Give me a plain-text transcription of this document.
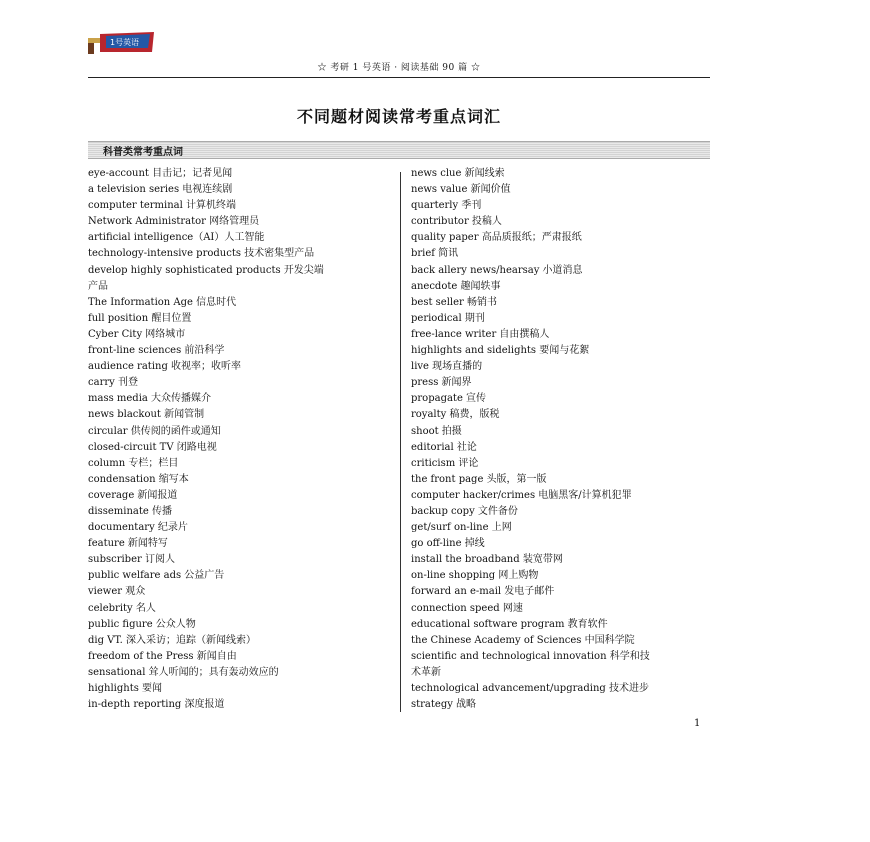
1号英语
☆ 考研 1 号英语 · 阅读基础 90 篇 ☆
不同题材阅读常考重点词汇
科普类常考重点词
eye-account 目击记；记者见闻
a television series 电视连续剧
computer terminal 计算机终端
Network Administrator 网络管理员
artificial intelligence（AI）人工智能
technology-intensive products 技术密集型产品
develop highly sophisticated products 开发尖端
产品
The Information Age 信息时代
full position 醒目位置
Cyber City 网络城市
front-line sciences 前沿科学
audience rating 收视率；收听率
carry 刊登
mass media 大众传播媒介
news blackout 新闻管制
circular 供传阅的函件或通知
closed-circuit TV 闭路电视
column 专栏；栏目
condensation 缩写本
coverage 新闻报道
disseminate 传播
documentary 纪录片
feature 新闻特写
subscriber 订阅人
public welfare ads 公益广告
viewer 观众
celebrity 名人
public figure 公众人物
dig VT. 深入采访；追踪（新闻线索）
freedom of the Press 新闻自由
sensational 耸人听闻的；具有轰动效应的
highlights 要闻
in-depth reporting 深度报道
news clue 新闻线索
news value 新闻价值
quarterly 季刊
contributor 投稿人
quality paper 高品质报纸；严肃报纸
brief 简讯
back allery news/hearsay 小道消息
anecdote 趣闻轶事
best seller 畅销书
periodical 期刊
free-lance writer 自由撰稿人
highlights and sidelights 要闻与花絮
live 现场直播的
press 新闻界
propagate 宣传
royalty 稿费，版税
shoot 拍摄
editorial 社论
criticism 评论
the front page 头版，第一版
computer hacker/crimes 电脑黑客/计算机犯罪
backup copy 文件备份
get/surf on-line 上网
go off-line 掉线
install the broadband 装宽带网
on-line shopping 网上购物
forward an e-mail 发电子邮件
connection speed 网速
educational software program 教育软件
the Chinese Academy of Sciences 中国科学院
scientific and technological innovation 科学和技
术革新
technological advancement/upgrading 技术进步
strategy 战略
1
